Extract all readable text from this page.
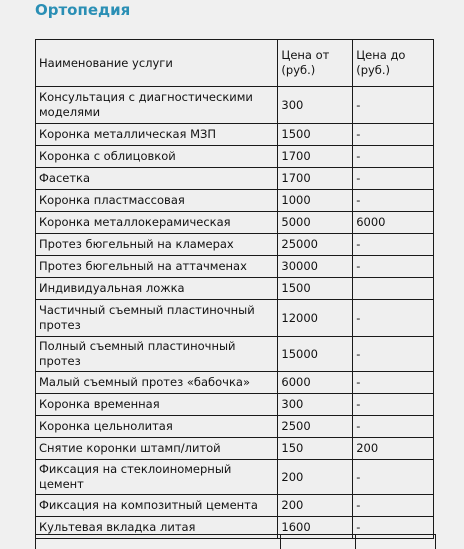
Ортопедия
Наименование услуги	Цена от (руб.)	Цена до (руб.)
Консультация с диагностическими моделями	300	-
Коронка металлическая МЗП	1500	-
Коронка с облицовкой	1700	-
Фасетка	1700	-
Коронка пластмассовая	1000	-
Коронка металлокерамическая	5000	6000
Протез бюгельный на кламерах	25000	-
Протез бюгельный на аттачменах	30000	-
Индивидуальная ложка	1500	
Частичный съемный пластиночный протез	12000	-
Полный съемный пластиночный протез	15000	-
Малый съемный протез «бабочка»	6000	-
Коронка временная	300	-
Коронка цельнолитая	2500	-
Снятие коронки штамп/литой	150	200
Фиксация на стеклоиномерный цемент	200	-
Фиксация на композитный цемента	200	-
Культевая вкладка литая	1600	-
